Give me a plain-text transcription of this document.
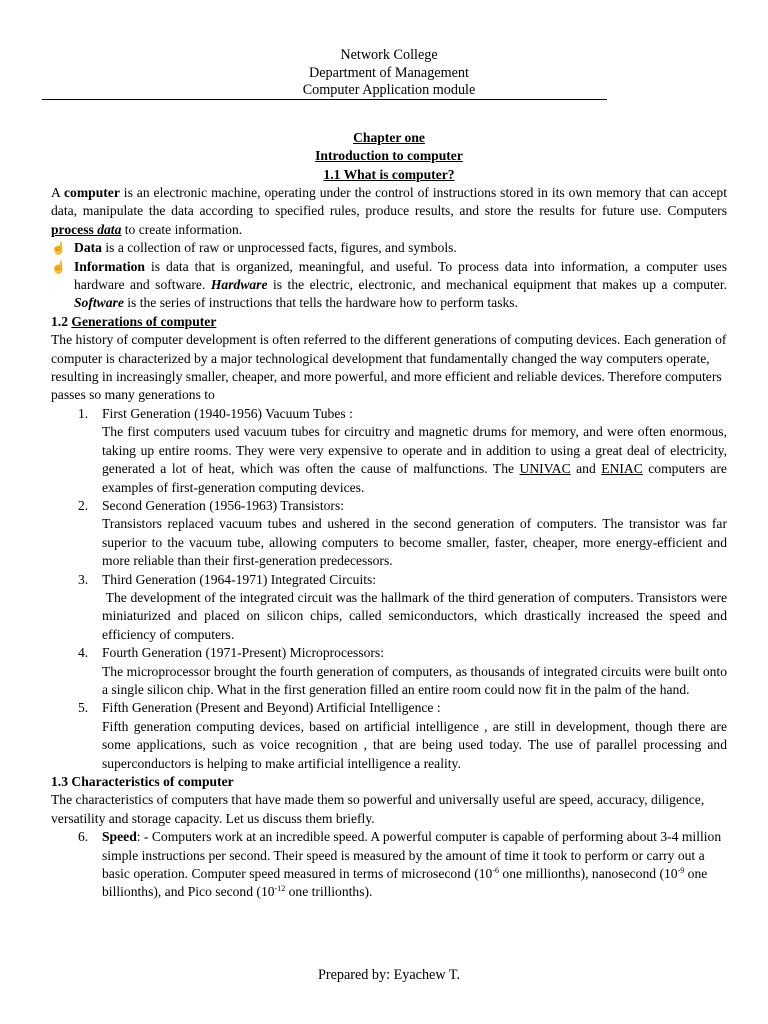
Network College
Department of Management
Computer Application module
Chapter one
Introduction to computer
1.1 What is computer?

A computer is an electronic machine, operating under the control of instructions stored in its own memory that can accept data, manipulate the data according to specified rules, produce results, and store the results for future use. Computers process data to create information.

☝ Data is a collection of raw or unprocessed facts, figures, and symbols.
☝ Information is data that is organized, meaningful, and useful. To process data into information, a computer uses hardware and software. Hardware is the electric, electronic, and mechanical equipment that makes up a computer. Software is the series of instructions that tells the hardware how to perform tasks.

1.2 Generations of computer

The history of computer development is often referred to the different generations of computing devices. Each generation of computer is characterized by a major technological development that fundamentally changed the way computers operate, resulting in increasingly smaller, cheaper, and more powerful, and more efficient and reliable devices. Therefore computers passes so many generations to

1. First Generation (1940-1956) Vacuum Tubes :
The first computers used vacuum tubes for circuitry and magnetic drums for memory, and were often enormous, taking up entire rooms. They were very expensive to operate and in addition to using a great deal of electricity, generated a lot of heat, which was often the cause of malfunctions. The UNIVAC and ENIAC computers are examples of first-generation computing devices.
2. Second Generation (1956-1963) Transistors:
Transistors replaced vacuum tubes and ushered in the second generation of computers. The transistor was far superior to the vacuum tube, allowing computers to become smaller, faster, cheaper, more energy-efficient and more reliable than their first-generation predecessors.
3. Third Generation (1964-1971) Integrated Circuits:
The development of the integrated circuit was the hallmark of the third generation of computers. Transistors were miniaturized and placed on silicon chips, called semiconductors, which drastically increased the speed and efficiency of computers.
4. Fourth Generation (1971-Present) Microprocessors:
The microprocessor brought the fourth generation of computers, as thousands of integrated circuits were built onto a single silicon chip. What in the first generation filled an entire room could now fit in the palm of the hand.
5. Fifth Generation (Present and Beyond) Artificial Intelligence :
Fifth generation computing devices, based on artificial intelligence , are still in development, though there are some applications, such as voice recognition , that are being used today. The use of parallel processing and superconductors is helping to make artificial intelligence a reality.

1.3 Characteristics of computer

The characteristics of computers that have made them so powerful and universally useful are speed, accuracy, diligence, versatility and storage capacity. Let us discuss them briefly.

6. Speed: - Computers work at an incredible speed. A powerful computer is capable of performing about 3-4 million simple instructions per second. Their speed is measured by the amount of time it took to perform or carry out a basic operation. Computer speed measured in terms of microsecond ($10^{-6}$ one millionths), nanosecond ($10^{-9}$ one billionths), and Pico second ($10^{-12}$ one trillionths).
Prepared by: Eyachew T.
